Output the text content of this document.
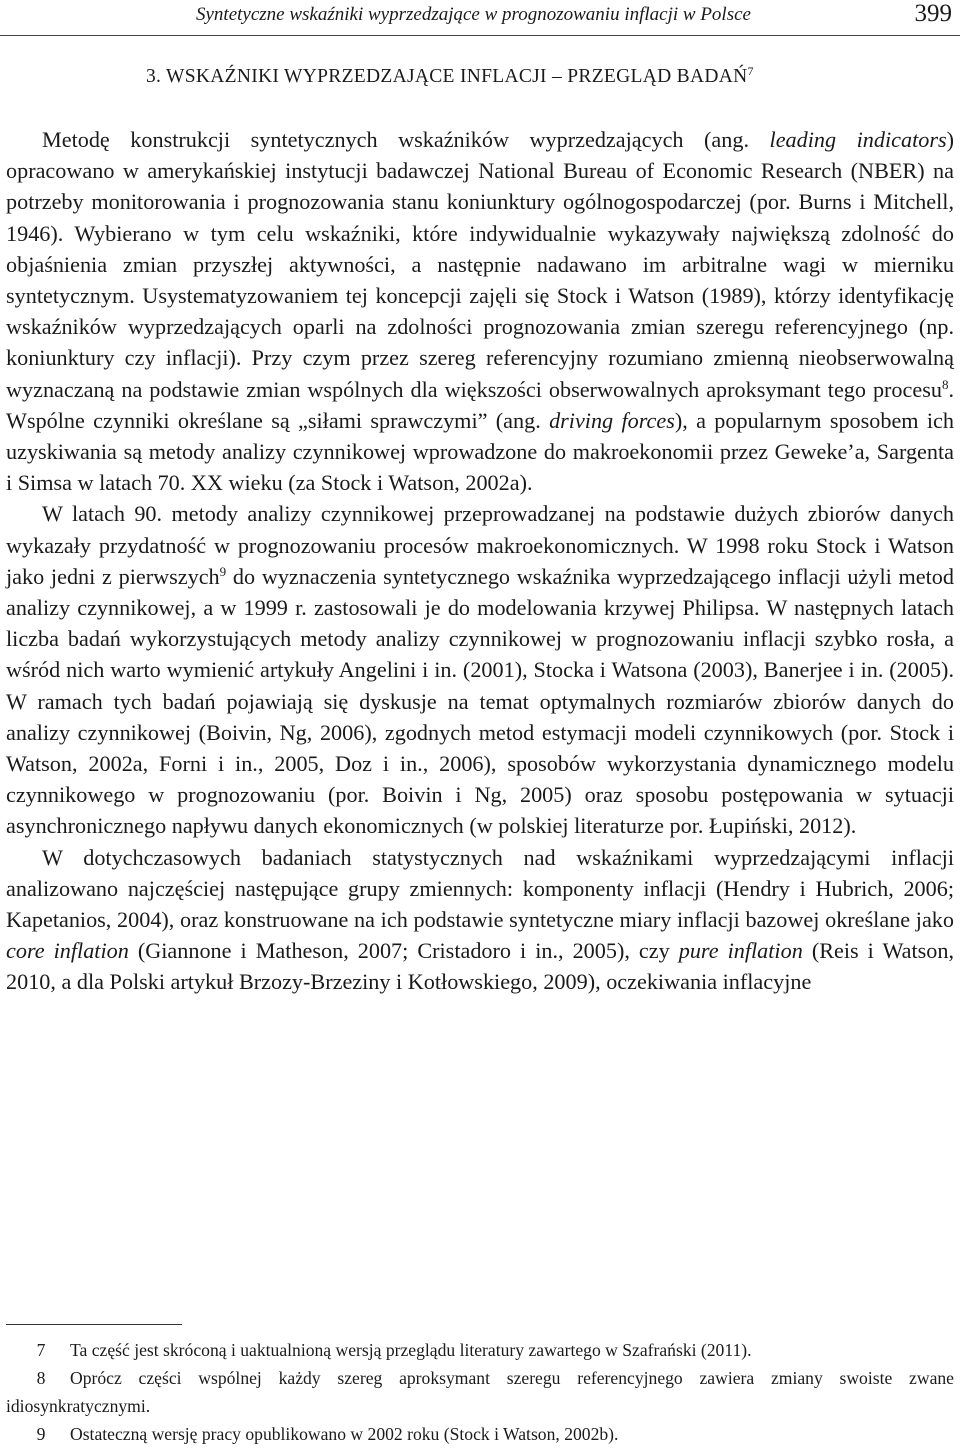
Syntetyczne wskaźniki wyprzedzające w prognozowaniu inflacji w Polsce	399
3. WSKAŹNIKI WYPRZEDZAJĄCE INFLACJI – PRZEGLĄD BADAŃ$^7$

Metodę konstrukcji syntetycznych wskaźników wyprzedzających (ang. leading indicators) opracowano w amerykańskiej instytucji badawczej National Bureau of Economic Research (NBER) na potrzeby monitorowania i prognozowania stanu koniunktury ogólnogospodarczej (por. Burns i Mitchell, 1946). Wybierano w tym celu wskaźniki, które indywidualnie wykazywały największą zdolność do objaśnienia zmian przyszłej aktywności, a następnie nadawano im arbitralne wagi w mierniku syntetycznym. Usystematyzowaniem tej koncepcji zajęli się Stock i Watson (1989), którzy identyfikację wskaźników wyprzedzających oparli na zdolności prognozowania zmian szeregu referencyjnego (np. koniunktury czy inflacji). Przy czym przez szereg referencyjny rozumiano zmienną nieobserwowalną wyznaczaną na podstawie zmian wspólnych dla większości obserwowalnych aproksymant tego procesu$^8$. Wspólne czynniki określane są „siłami sprawczymi” (ang. driving forces), a popularnym sposobem ich uzyskiwania są metody analizy czynnikowej wprowadzone do makroekonomii przez Geweke’a, Sargenta i Simsa w latach 70. XX wieku (za Stock i Watson, 2002a).

W latach 90. metody analizy czynnikowej przeprowadzanej na podstawie dużych zbiorów danych wykazały przydatność w prognozowaniu procesów makroekonomicznych. W 1998 roku Stock i Watson jako jedni z pierwszych$^9$ do wyznaczenia syntetycznego wskaźnika wyprzedzającego inflacji użyli metod analizy czynnikowej, a w 1999 r. zastosowali je do modelowania krzywej Philipsa. W następnych latach liczba badań wykorzystujących metody analizy czynnikowej w prognozowaniu inflacji szybko rosła, a wśród nich warto wymienić artykuły Angelini i in. (2001), Stocka i Watsona (2003), Banerjee i in. (2005). W ramach tych badań pojawiają się dyskusje na temat optymalnych rozmiarów zbiorów danych do analizy czynnikowej (Boivin, Ng, 2006), zgodnych metod estymacji modeli czynnikowych (por. Stock i Watson, 2002a, Forni i in., 2005, Doz i in., 2006), sposobów wykorzystania dynamicznego modelu czynnikowego w prognozowaniu (por. Boivin i Ng, 2005) oraz sposobu postępowania w sytuacji asynchronicznego napływu danych ekonomicznych (w polskiej literaturze por. Łupiński, 2012).

W dotychczasowych badaniach statystycznych nad wskaźnikami wyprzedzającymi inflacji analizowano najczęściej następujące grupy zmiennych: komponenty inflacji (Hendry i Hubrich, 2006; Kapetanios, 2004), oraz konstruowane na ich podstawie syntetyczne miary inflacji bazowej określane jako core inflation (Giannone i Matheson, 2007; Cristadoro i in., 2005), czy pure inflation (Reis i Watson, 2010, a dla Polski artykuł Brzozy-Brzeziny i Kotłowskiego, 2009), oczekiwania inflacyjne

7 Ta część jest skróconą i uaktualnioną wersją przeglądu literatury zawartego w Szafrański (2011).

8 Oprócz części wspólnej każdy szereg aproksymant szeregu referencyjnego zawiera zmiany swoiste zwane idiosynkratycznymi.

9 Ostateczną wersję pracy opublikowano w 2002 roku (Stock i Watson, 2002b).
